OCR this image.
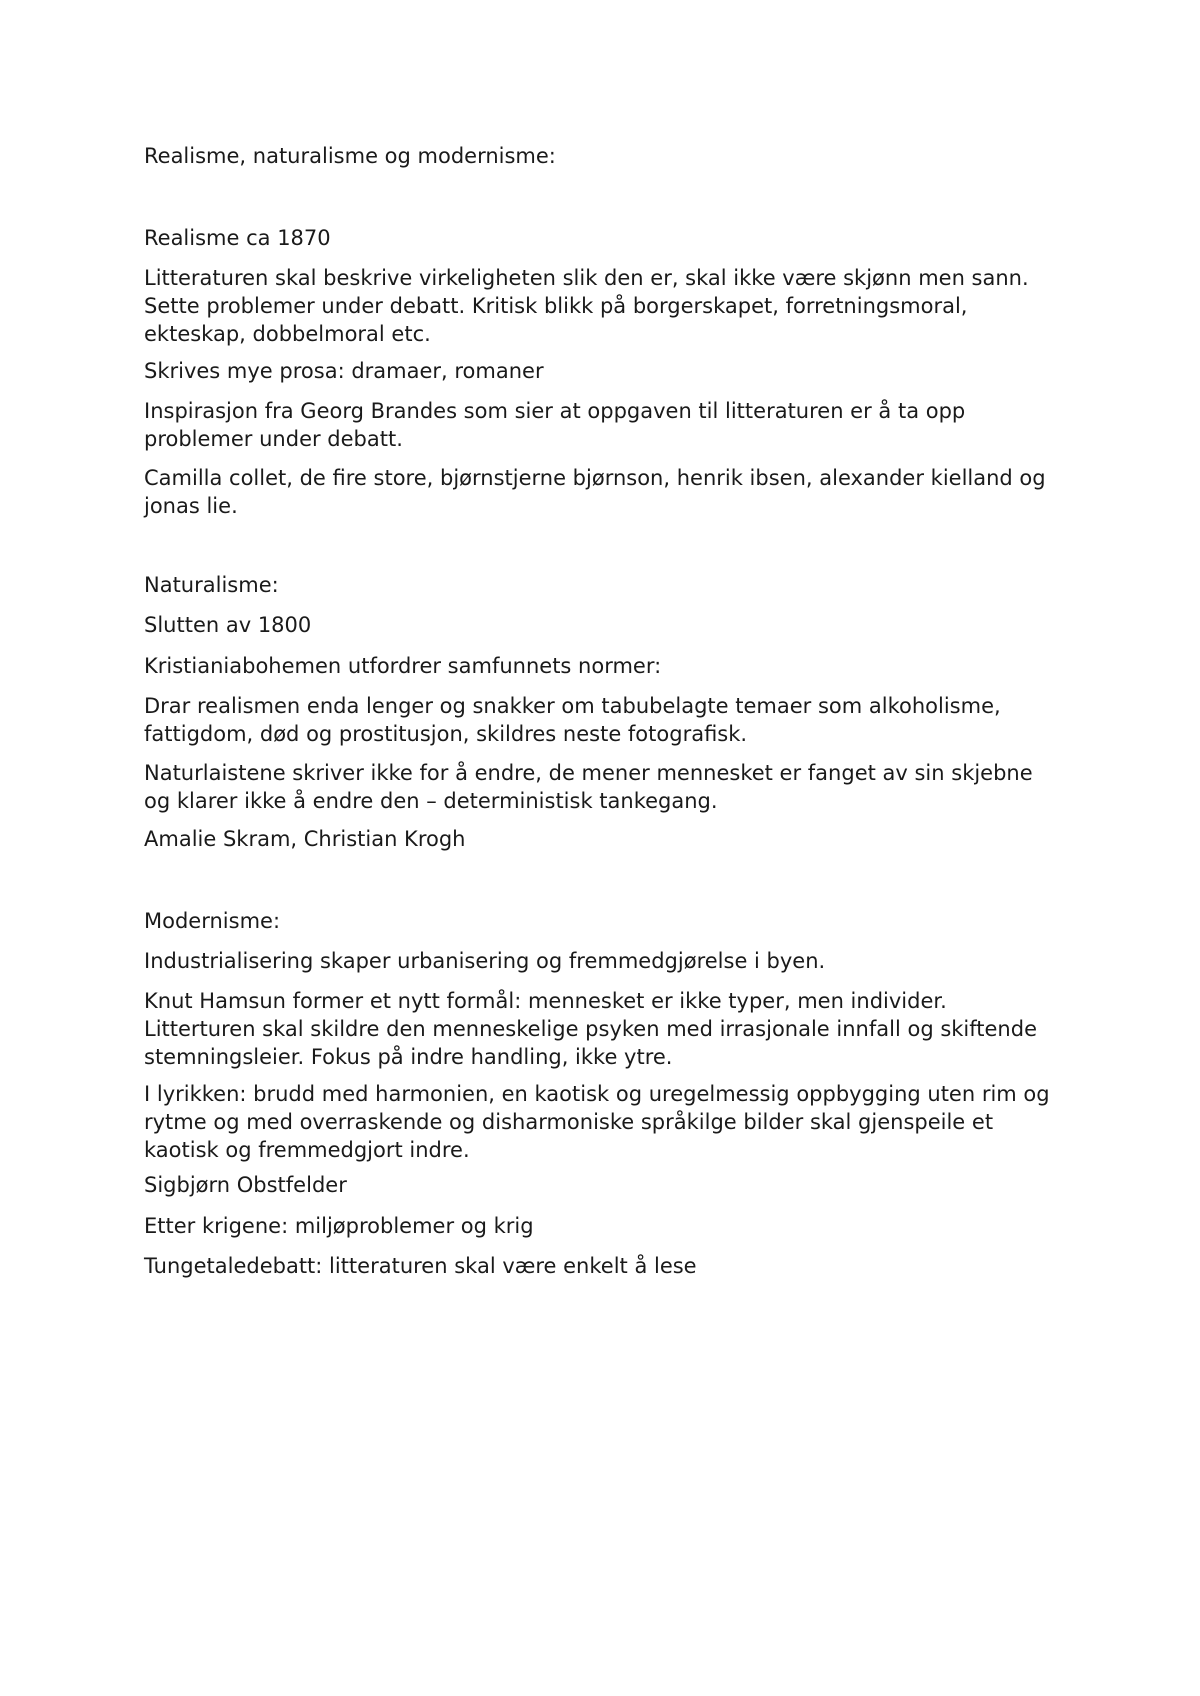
Realisme, naturalisme og modernisme:

Realisme ca 1870

Litteraturen skal beskrive virkeligheten slik den er, skal ikke være skjønn men sann. Sette problemer under debatt. Kritisk blikk på borgerskapet, forretningsmoral, ekteskap, dobbelmoral etc.

Skrives mye prosa: dramaer, romaner

Inspirasjon fra Georg Brandes som sier at oppgaven til litteraturen er å ta opp problemer under debatt.

Camilla collet, de fire store, bjørnstjerne bjørnson, henrik ibsen, alexander kielland og jonas lie.

Naturalisme:

Slutten av 1800

Kristianiabohemen utfordrer samfunnets normer:

Drar realismen enda lenger og snakker om tabubelagte temaer som alkoholisme, fattigdom, død og prostitusjon, skildres neste fotografisk.

Naturlaistene skriver ikke for å endre, de mener mennesket er fanget av sin skjebne og klarer ikke å endre den – deterministisk tankegang.

Amalie Skram, Christian Krogh

Modernisme:

Industrialisering skaper urbanisering og fremmedgjørelse i byen.

Knut Hamsun former et nytt formål: mennesket er ikke typer, men individer. Litterturen skal skildre den menneskelige psyken med irrasjonale innfall og skiftende stemningsleier. Fokus på indre handling, ikke ytre.

I lyrikken: brudd med harmonien, en kaotisk og uregelmessig oppbygging uten rim og rytme og med overraskende og disharmoniske språkilge bilder skal gjenspeile et kaotisk og fremmedgjort indre.

Sigbjørn Obstfelder

Etter krigene: miljøproblemer og krig

Tungetaledebatt: litteraturen skal være enkelt å lese
